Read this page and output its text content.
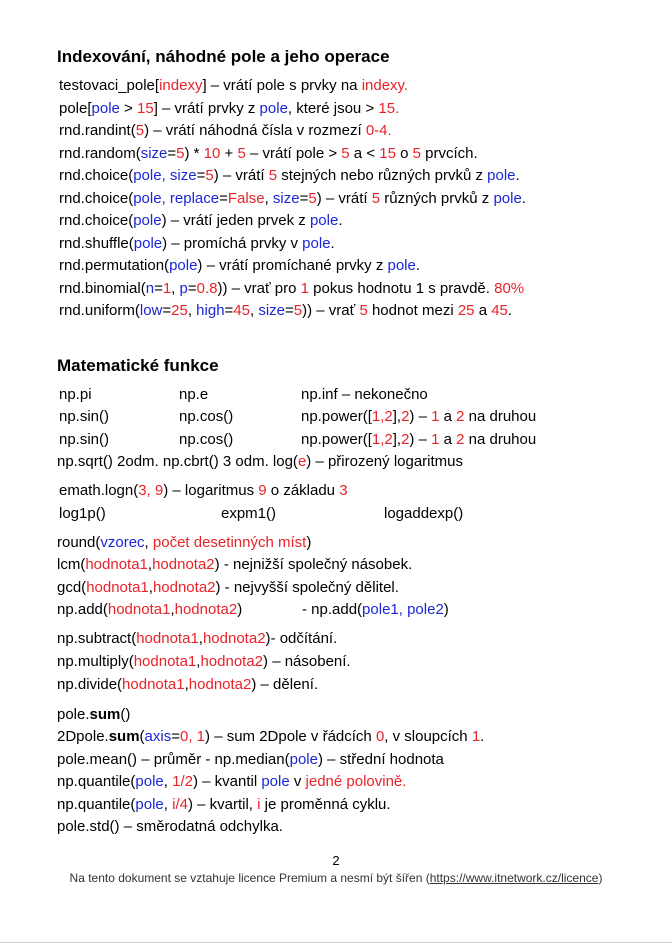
Indexování, náhodné pole a jeho operace
testovaci_pole[indexy] – vrátí pole s prvky na indexy.
pole[pole > 15] – vrátí prvky z pole, které jsou > 15.
rnd.randint(5) – vrátí náhodná čísla v rozmezí 0-4.
rnd.random(size=5) * 10 + 5 – vrátí pole > 5 a < 15 o 5 prvcích.
rnd.choice(pole, size=5) – vrátí 5 stejných nebo různých prvků z pole.
rnd.choice(pole, replace=False, size=5) – vrátí 5 různých prvků z pole.
rnd.choice(pole) – vrátí jeden prvek z pole.
rnd.shuffle(pole) – promíchá prvky v pole.
rnd.permutation(pole) – vrátí promíchané prvky z pole.
rnd.binomial(n=1, p=0.8)) – vrať pro 1 pokus hodnotu 1 s pravdě. 80%
rnd.uniform(low=25, high=45, size=5)) – vrať 5 hodnot mezi 25 a 45.
Matematické funkce
np.pi	np.e	np.inf – nekonečno
np.sin()	np.cos()	np.power([1,2],2) – 1 a 2 na druhou
np.sin()	np.cos()	np.power([1,2],2) – 1 a 2 na druhou
np.sqrt() 2odm. np.cbrt() 3 odm. log(e) – přirozený logaritmus
emath.logn(3, 9) – logaritmus 9 o základu 3
log1p()	expm1()	logaddexp()
round(vzorec, počet desetinných míst)
lcm(hodnota1,hodnota2) - nejnižší společný násobek.
gcd(hodnota1,hodnota2) - nejvyšší společný dělitel.
np.add(hodnota1,hodnota2)	- np.add(pole1, pole2)
np.subtract(hodnota1,hodnota2)- odčítání.
np.multiply(hodnota1,hodnota2) – násobení.
np.divide(hodnota1,hodnota2) – dělení.
pole.sum()
2Dpole.sum(axis=0, 1) – sum 2Dpole v řádcích 0, v sloupcích 1.
pole.mean() – průměr - np.median(pole) – střední hodnota
np.quantile(pole, 1/2) – kvantil pole v jedné polovině.
np.quantile(pole, i/4) – kvartil, i je proměnná cyklu.
pole.std() – směrodatná odchylka.
2
Na tento dokument se vztahuje licence Premium a nesmí být šířen (https://www.itnetwork.cz/licence)
